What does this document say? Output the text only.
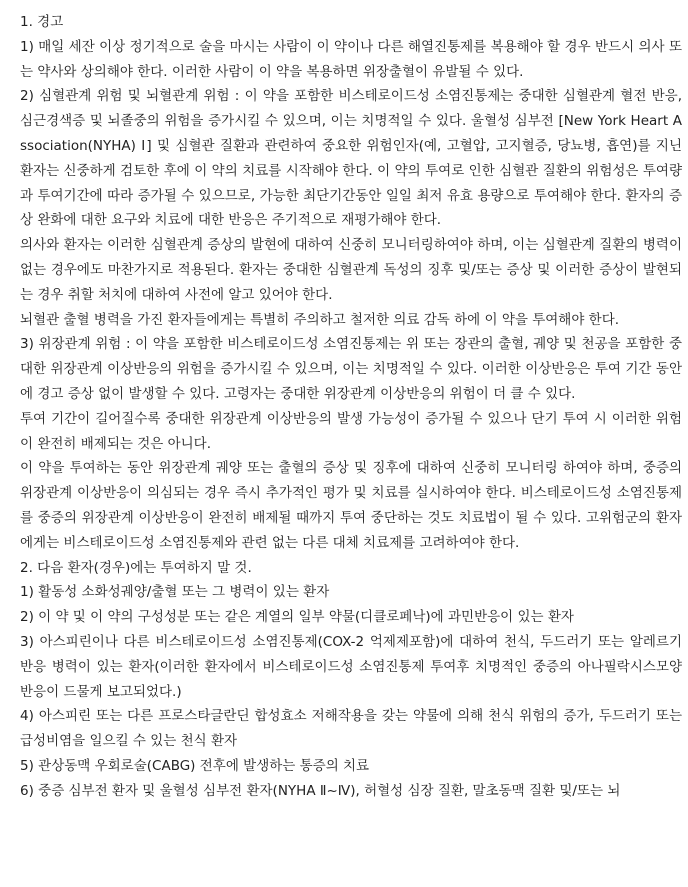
1. 경고

1) 매일 세잔 이상 정기적으로 술을 마시는 사람이 이 약이나 다른 해열진통제를 복용해야 할 경우 반드시 의사 또는 약사와 상의해야 한다. 이러한 사람이 이 약을 복용하면 위장출혈이 유발될 수 있다.

2) 심혈관계 위험 및 뇌혈관계 위험 : 이 약을 포함한 비스테로이드성 소염진통제는 중대한 심혈관계 혈전 반응, 심근경색증 및 뇌졸중의 위험을 증가시킬 수 있으며, 이는 치명적일 수 있다. 울혈성 심부전 [New York Heart Association(NYHA) Ⅰ] 및 심혈관 질환과 관련하여 중요한 위험인자(예, 고혈압, 고지혈증, 당뇨병, 흡연)를 지닌 환자는 신중하게 검토한 후에 이 약의 치료를 시작해야 한다. 이 약의 투여로 인한 심혈관 질환의 위험성은 투여량과 투여기간에 따라 증가될 수 있으므로, 가능한 최단기간동안 일일 최저 유효 용량으로 투여해야 한다. 환자의 증상 완화에 대한 요구와 치료에 대한 반응은 주기적으로 재평가해야 한다.

의사와 환자는 이러한 심혈관계 증상의 발현에 대하여 신중히 모니터링하여야 하며, 이는 심혈관계 질환의 병력이 없는 경우에도 마찬가지로 적용된다. 환자는 중대한 심혈관계 독성의 징후 및/또는 증상 및 이러한 증상이 발현되는 경우 취할 처치에 대하여 사전에 알고 있어야 한다.

뇌혈관 출혈 병력을 가진 환자들에게는 특별히 주의하고 철저한 의료 감독 하에 이 약을 투여해야 한다.

3) 위장관계 위험 : 이 약을 포함한 비스테로이드성 소염진통제는 위 또는 장관의 출혈, 궤양 및 천공을 포함한 중대한 위장관계 이상반응의 위험을 증가시킬 수 있으며, 이는 치명적일 수 있다. 이러한 이상반응은 투여 기간 동안에 경고 증상 없이 발생할 수 있다. 고령자는 중대한 위장관계 이상반응의 위험이 더 클 수 있다.

투여 기간이 길어질수록 중대한 위장관계 이상반응의 발생 가능성이 증가될 수 있으나 단기 투여 시 이러한 위험이 완전히 배제되는 것은 아니다.

이 약을 투여하는 동안 위장관계 궤양 또는 출혈의 증상 및 징후에 대하여 신중히 모니터링 하여야 하며, 중증의 위장관계 이상반응이 의심되는 경우 즉시 추가적인 평가 및 치료를 실시하여야 한다. 비스테로이드성 소염진통제를 중증의 위장관계 이상반응이 완전히 배제될 때까지 투여 중단하는 것도 치료법이 될 수 있다. 고위험군의 환자에게는 비스테로이드성 소염진통제와 관련 없는 다른 대체 치료제를 고려하여야 한다.

2. 다음 환자(경우)에는 투여하지 말 것.

1) 활동성 소화성궤양/출혈 또는 그 병력이 있는 환자

2) 이 약 및 이 약의 구성성분 또는 같은 계열의 일부 약물(디클로페낙)에 과민반응이 있는 환자

3) 아스피린이나 다른 비스테로이드성 소염진통제(COX-2 억제제포함)에 대하여 천식, 두드러기 또는 알레르기 반응 병력이 있는 환자(이러한 환자에서 비스테로이드성 소염진통제 투여후 치명적인 중증의 아나필락시스모양 반응이 드물게 보고되었다.)

4) 아스피린 또는 다른 프로스타글란딘 합성효소 저해작용을 갖는 약물에 의해 천식 위험의 증가, 두드러기 또는 급성비염을 일으킬 수 있는 천식 환자

5) 관상동맥 우회로술(CABG) 전후에 발생하는 통증의 치료

6) 중증 심부전 환자 및 울혈성 심부전 환자(NYHA Ⅱ~Ⅳ), 허혈성 심장 질환, 말초동맥 질환 및/또는 뇌
